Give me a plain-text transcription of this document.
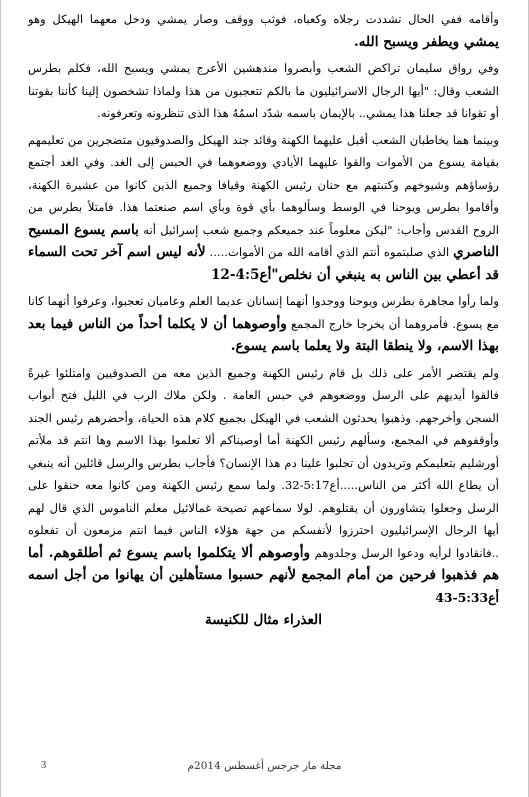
وأقامه ففي الحال تشددت رجلاه وكعباه، فوثب ووقف وصار يمشي ودخل معهما الهيكل وهو يمشي ويطفر ويسبح الله.

وفي رواق سليمان تراكض الشعب وأبصروا مندهشين الأعرج يمشي ويسبح الله، فكلم بطرس الشعب وقال: "أيها الرجال الاسرائيليون ما بالكم تتعجبون من هذا ولماذا تشخصون إلينا كأننا بقوتنا أو تقوانا قد جعلنا هذا يمشي.. بالإيمان باسمه شدّد اسمُهُ هذا الذى تنظرونه وتعرفونه.

وبينما هما يخاطبان الشعب أقبل عليهما الكهنة وقائد جند الهيكل والصدوقيون متضجرين من تعليمهم بقيامة يسوع من الأموات والقوا عليهما الأيادي ووضعوهما في الحبس إلى الغد. وفي الغد أجتمع رؤساؤهم وشيوخهم وكتبتهم مع حنان رئيس الكهنة وقيافا وجميع الذين كانوا من عشيرة الكهنة، وأقاموا بطرس ويوحنا في الوسط وسألوهما بأي قوة وبأي اسم صنعتما هذا. فامتلأ بطرس من الروح القدس وأجاب: "ليكن معلوماً عند جميعكم وجميع شعب إسرائيل أنه باسم يسوع المسيح الناصري الذي صلبتموه أنتم الذي أقامه الله من الأموات..... لأنه ليس اسم آخر تحت السماء قد أعطي بين الناس به ينبغي أن نخلص"أع4:5-12

ولما رأوا مجاهرة بطرس ويوحنا ووجدوا أنهما إنسانان عديما العلم وعاميان تعجبوا، وعرفوا أنهما كانا مع يسوع. فأمروهما أن يخرجا خارج المجمع وأوصوهما أن لا يكلما أحداً من الناس فيما بعد بهذا الاسم، ولا ينطقا البتة ولا يعلما باسم يسوع.

ولم يقتصر الأمر على ذلك بل قام رئيس الكهنة وجميع الذين معه من الصدوقيين وامتلئوا غيرةً فالقوا أيديهم على الرسل ووضعوهم في حبس العامة . ولكن ملاك الرب في الليل فتح أبواب السجن وأخرجهم. وذهبوا يحدثون الشعب في الهيكل بجميع كلام هذه الحياة، وأحضرهم رئيس الجند وأوقفوهم في المجمع، وسألهم رئيس الكهنة أما أوصيناكم ألا تعلموا بهذا الاسم وها انتم قد ملأتم أورشليم بتعليمكم وتريدون أن تجلبوا علينا دم هذا الإنسان؟ فأجاب بطرس والرسل قائلين أنه ينبغي أن يطاع الله أكثر من الناس.....أع5:17-32. ولما سمع رئيس الكهنة ومن كانوا معه حنقوا على الرسل وجعلوا يتشاورون أن يقتلوهم. لولا سماعهم نصيحة غمالائيل معلم الناموس الذي قال لهم أيها الرجال الإسرائيليون احترزوا لأنفسكم من جهة هؤلاء الناس فيما انتم مزمعون أن تفعلوه ..فانقادوا لرأيه ودعوا الرسل وجلدوهم وأوصوهم ألا يتكلموا باسم يسوع ثم أطلقوهم. أما هم فذهبوا فرحين من أمام المجمع لأنهم حسبوا مستأهلين أن يهانوا من أجل اسمه أع5:33-43
العذراء مثال للكنيسة

مجلة مار جرجس أغسطس 2014م
3
